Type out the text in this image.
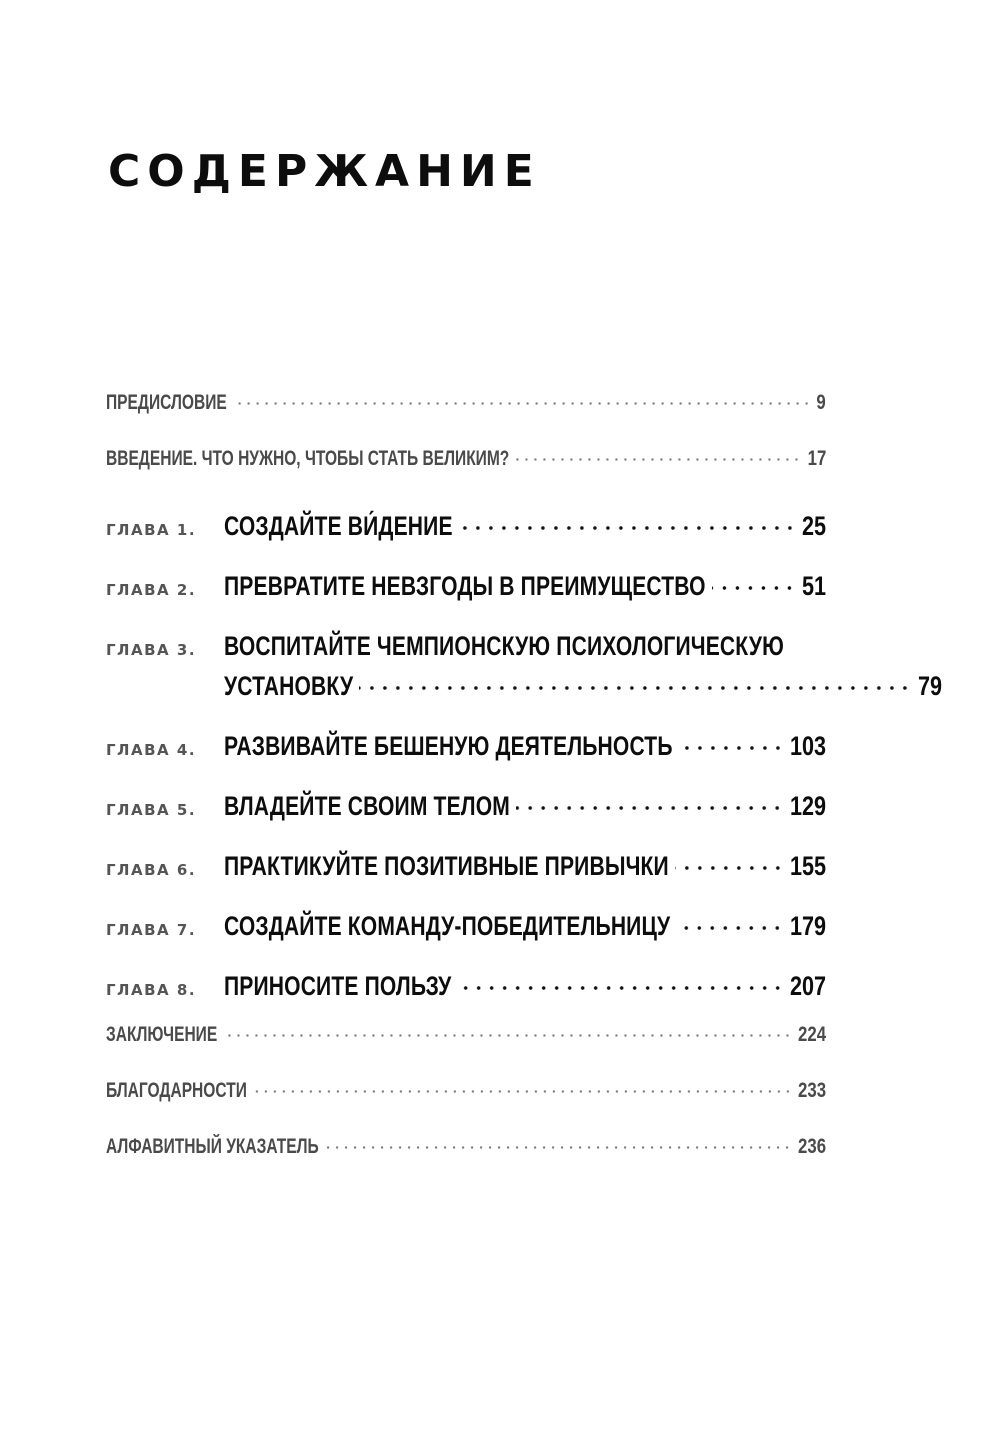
СОДЕРЖАНИЕ
ПРЕДИСЛОВИЕ	9
ВВЕДЕНИЕ. ЧТО НУЖНО, ЧТОБЫ СТАТЬ ВЕЛИКИМ?	17
ГЛАВА 1.	СОЗДАЙТЕ ВИ́ДЕНИЕ	25
ГЛАВА 2.	ПРЕВРАТИТЕ НЕВЗГОДЫ В ПРЕИМУЩЕСТВО	51
ГЛАВА 3.	ВОСПИТАЙТЕ ЧЕМПИОНСКУЮ ПСИХОЛОГИЧЕСКУЮ
УСТАНОВКУ	79
ГЛАВА 4.	РАЗВИВАЙТЕ БЕШЕНУЮ ДЕЯТЕЛЬНОСТЬ	103
ГЛАВА 5.	ВЛАДЕЙТЕ СВОИМ ТЕЛОМ	129
ГЛАВА 6.	ПРАКТИКУЙТЕ ПОЗИТИВНЫЕ ПРИВЫЧКИ	155
ГЛАВА 7.	СОЗДАЙТЕ КОМАНДУ-ПОБЕДИТЕЛЬНИЦУ	179
ГЛАВА 8.	ПРИНОСИТЕ ПОЛЬЗУ	207
ЗАКЛЮЧЕНИЕ	224
БЛАГОДАРНОСТИ	233
АЛФАВИТНЫЙ УКАЗАТЕЛЬ	236
